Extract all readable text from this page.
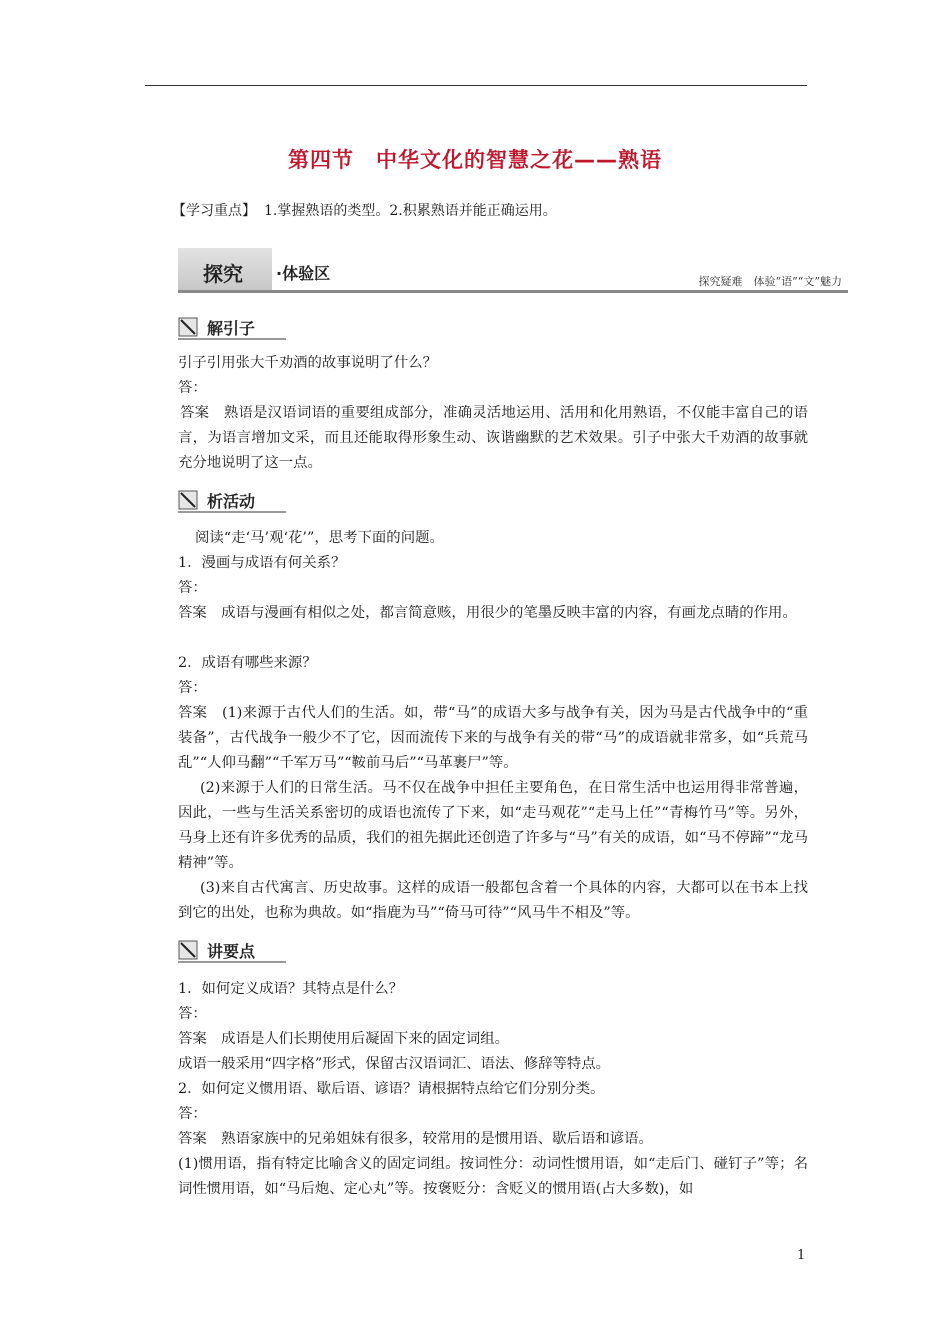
第四节 中华文化的智慧之花——熟语
【学习重点】 1.掌握熟语的类型。2.积累熟语并能正确运用。
探究 ·体验区	探究疑难　体验“语”“文”魅力
解引子

引子引用张大千劝酒的故事说明了什么？

答：

答案　熟语是汉语词语的重要组成部分，准确灵活地运用、活用和化用熟语，不仅能丰富自己的语言，为语言增加文采，而且还能取得形象生动、诙谐幽默的艺术效果。引子中张大千劝酒的故事就充分地说明了这一点。

析活动

阅读“走‘马’观‘花’”，思考下面的问题。

1．漫画与成语有何关系？

答：

答案　成语与漫画有相似之处，都言简意赅，用很少的笔墨反映丰富的内容，有画龙点睛的作用。

2．成语有哪些来源？

答：

答案　(1)来源于古代人们的生活。如，带“马”的成语大多与战争有关，因为马是古代战争中的“重装备”，古代战争一般少不了它，因而流传下来的与战争有关的带“马”的成语就非常多，如“兵荒马乱”“人仰马翻”“千军万马”“鞍前马后”“马革裹尸”等。

(2)来源于人们的日常生活。马不仅在战争中担任主要角色，在日常生活中也运用得非常普遍，因此，一些与生活关系密切的成语也流传了下来，如“走马观花”“走马上任”“青梅竹马”等。另外，马身上还有许多优秀的品质，我们的祖先据此还创造了许多与“马”有关的成语，如“马不停蹄”“龙马精神”等。

(3)来自古代寓言、历史故事。这样的成语一般都包含着一个具体的内容，大都可以在书本上找到它的出处，也称为典故。如“指鹿为马”“倚马可待”“风马牛不相及”等。

讲要点

1．如何定义成语？其特点是什么？

答：

答案　成语是人们长期使用后凝固下来的固定词组。

成语一般采用“四字格”形式，保留古汉语词汇、语法、修辞等特点。

2．如何定义惯用语、歇后语、谚语？请根据特点给它们分别分类。

答：

答案　熟语家族中的兄弟姐妹有很多，较常用的是惯用语、歇后语和谚语。

(1)惯用语，指有特定比喻含义的固定词组。按词性分：动词性惯用语，如“走后门、碰钉子”等；名词性惯用语，如“马后炮、定心丸”等。按褒贬分：含贬义的惯用语(占大多数)，如

1
